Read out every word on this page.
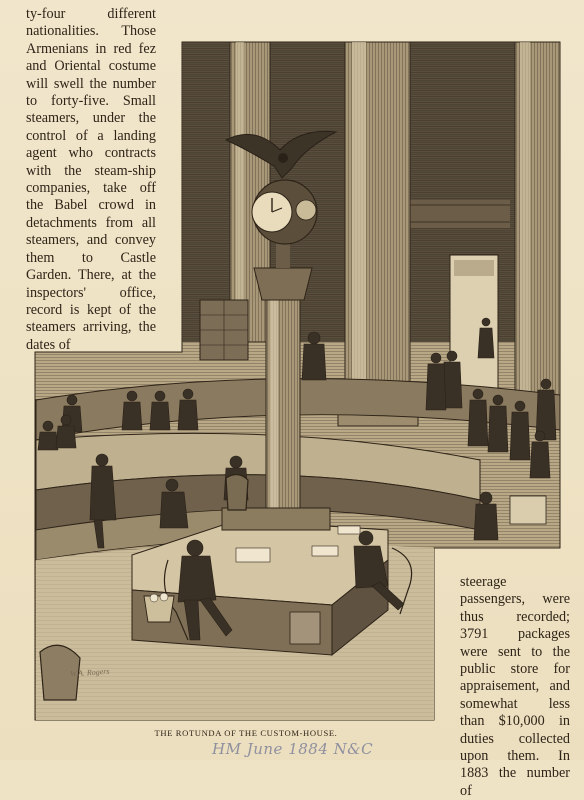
ty-four different nationalities. Those Armenians in red fez and Oriental costume will swell the number to forty-five. Small steamers, under the control of a landing agent who contracts with the steam-ship companies, take off the Babel crowd in detachments from all steamers, and convey them to Castle Garden. There, at the inspectors' office, record is kept of the steamers arriving, the dates of

steerage passengers, were thus recorded; 3791 packages were sent to the public store for appraisement, and somewhat less than $10,000 in duties collected upon them. In 1883 the number of

W.A. Rogers
THE ROTUNDA OF THE CUSTOM-HOUSE.
HM June 1884 N&C
